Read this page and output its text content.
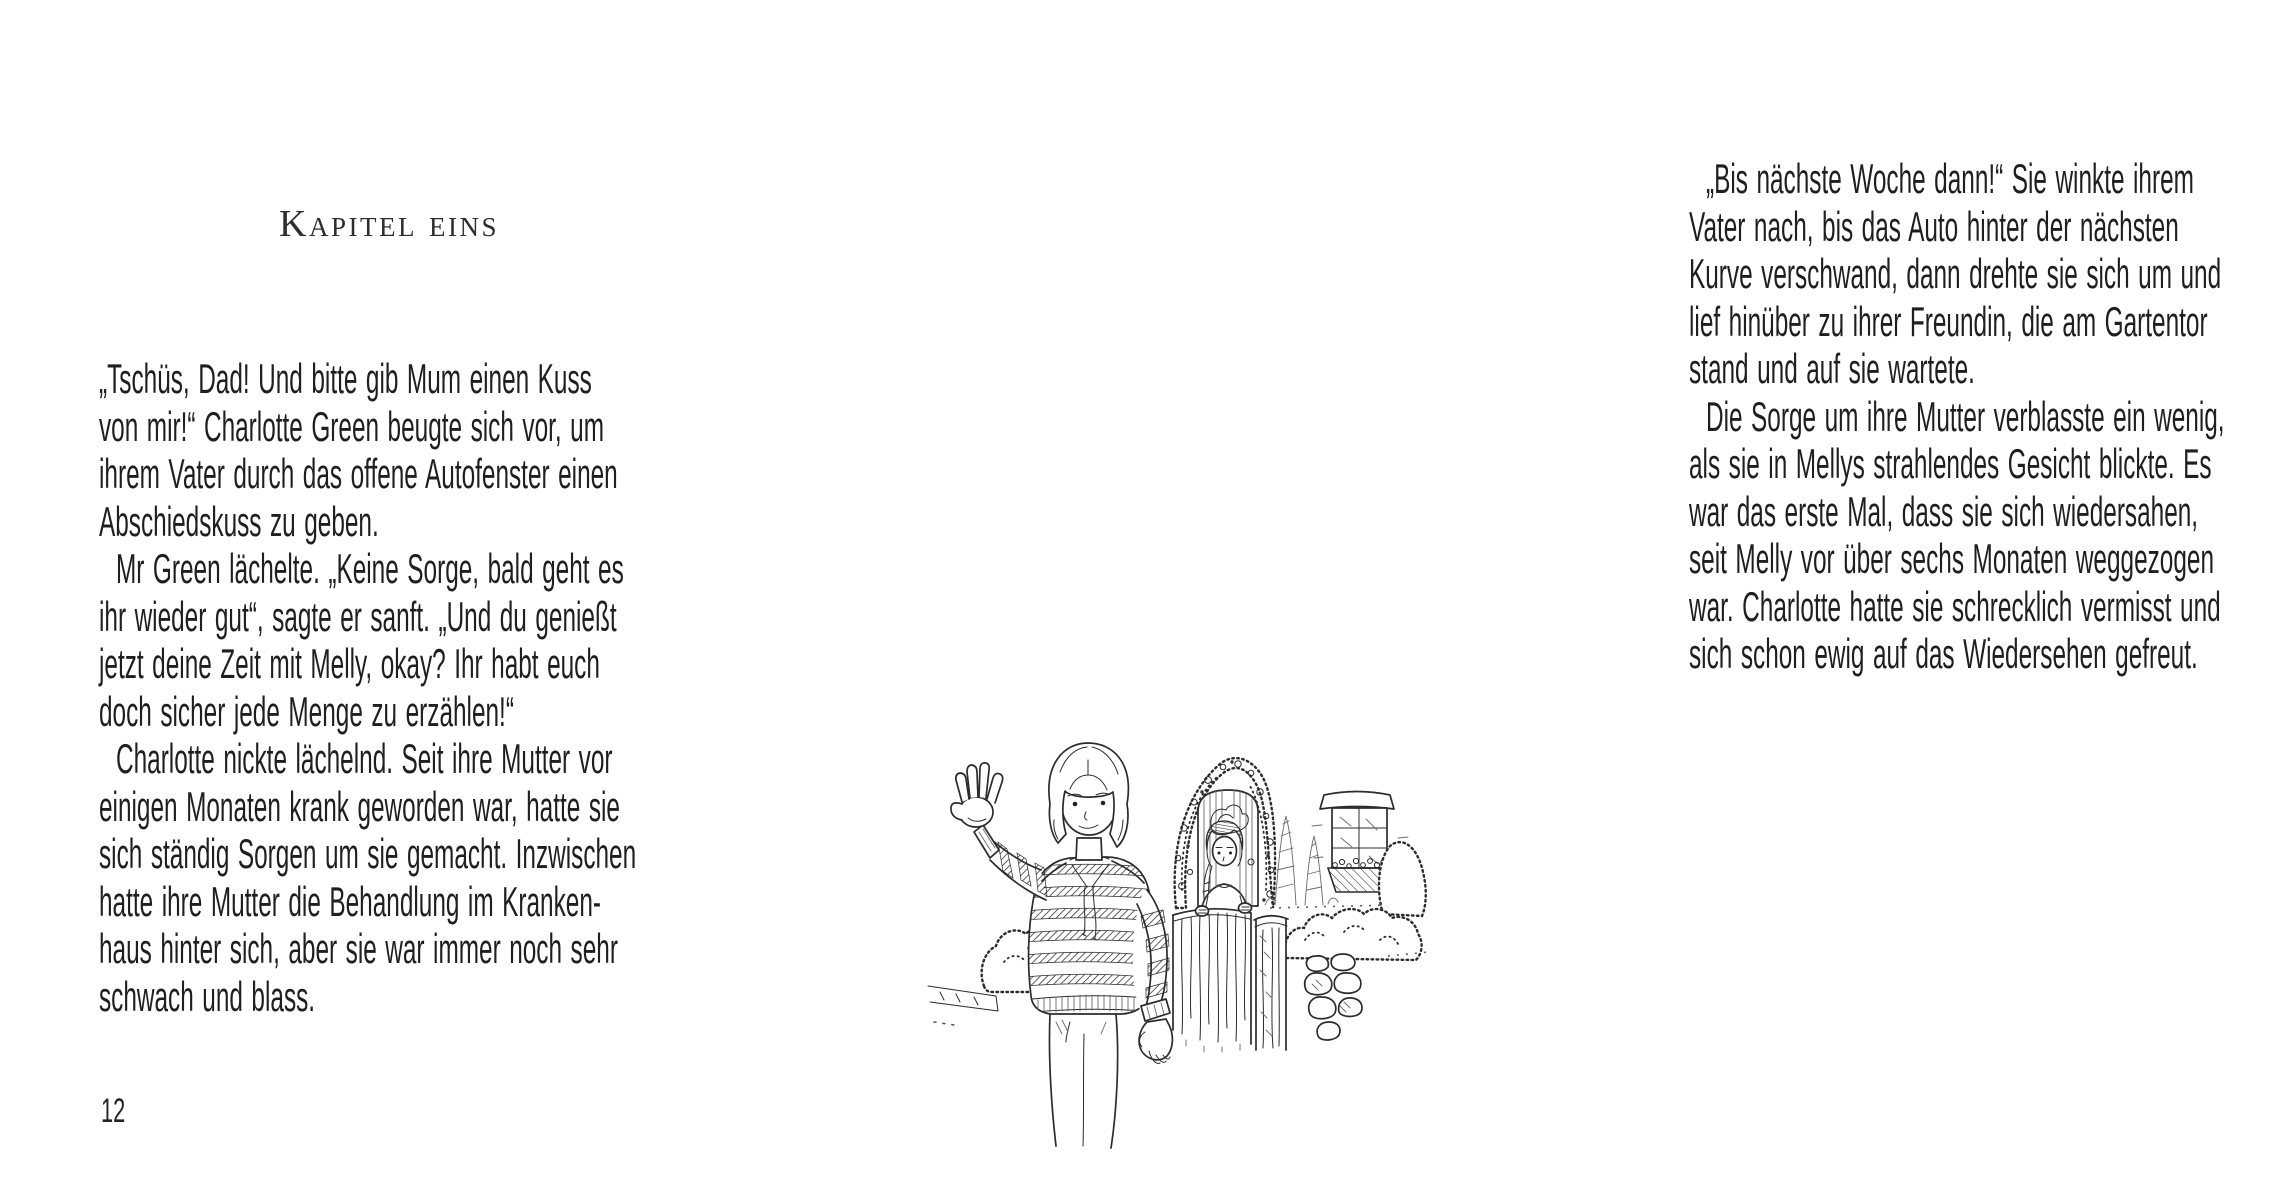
Kapitel eins
„Tschüs, Dad! Und bitte gib Mum einen Kuss
von mir!“ Charlotte Green beugte sich vor, um
ihrem Vater durch das offene Autofenster einen
Abschiedskuss zu geben.
Mr Green lächelte. „Keine Sorge, bald geht es
ihr wieder gut“, sagte er sanft. „Und du genießt
jetzt deine Zeit mit Melly, okay? Ihr habt euch
doch sicher jede Menge zu erzählen!“
Charlotte nickte lächelnd. Seit ihre Mutter vor
einigen Monaten krank geworden war, hatte sie
sich ständig Sorgen um sie gemacht. Inzwischen
hatte ihre Mutter die Behandlung im Kranken-
haus hinter sich, aber sie war immer noch sehr
schwach und blass.
12
„Bis nächste Woche dann!“ Sie winkte ihrem
Vater nach, bis das Auto hinter der nächsten
Kurve verschwand, dann drehte sie sich um und
lief hinüber zu ihrer Freundin, die am Gartentor
stand und auf sie wartete.
Die Sorge um ihre Mutter verblasste ein wenig,
als sie in Mellys strahlendes Gesicht blickte. Es
war das erste Mal, dass sie sich wiedersahen,
seit Melly vor über sechs Monaten weggezogen
war. Charlotte hatte sie schrecklich vermisst und
sich schon ewig auf das Wiedersehen gefreut.
